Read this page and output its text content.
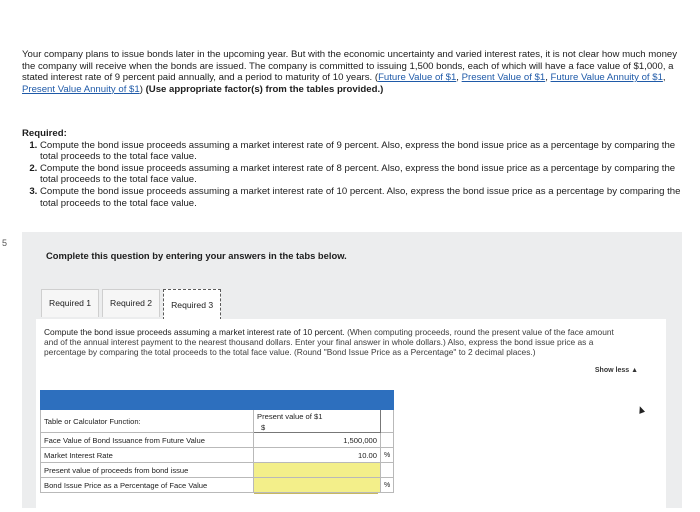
5
Your company plans to issue bonds later in the upcoming year. But with the economic uncertainty and varied interest rates, it is not clear how much money the company will receive when the bonds are issued. The company is committed to issuing 1,500 bonds, each of which will have a face value of $1,000, a stated interest rate of 9 percent paid annually, and a period to maturity of 10 years. (Future Value of $1, Present Value of $1, Future Value Annuity of $1, Present Value Annuity of $1) (Use appropriate factor(s) from the tables provided.)
Required:
1. Compute the bond issue proceeds assuming a market interest rate of 9 percent. Also, express the bond issue price as a percentage by comparing the total proceeds to the total face value.
2. Compute the bond issue proceeds assuming a market interest rate of 8 percent. Also, express the bond issue price as a percentage by comparing the total proceeds to the total face value.
3. Compute the bond issue proceeds assuming a market interest rate of 10 percent. Also, express the bond issue price as a percentage by comparing the total proceeds to the total face value.
Complete this question by entering your answers in the tabs below.
Required 1	Required 2	Required 3
Compute the bond issue proceeds assuming a market interest rate of 10 percent. (When computing proceeds, round the present value of the face amount and of the annual interest payment to the nearest thousand dollars. Enter your final answer in whole dollars.) Also, express the bond issue price as a percentage by comparing the total proceeds to the total face value. (Round "Bond Issue Price as a Percentage" to 2 decimal places.)
Show less ▲

Table or Calculator Function:	Present value of $1
$	

Face Value of Bond Issuance from Future Value	1,500,000	
Market Interest Rate	10.00	%
Present value of proceeds from bond issue		
Bond Issue Price as a Percentage of Face Value		%
